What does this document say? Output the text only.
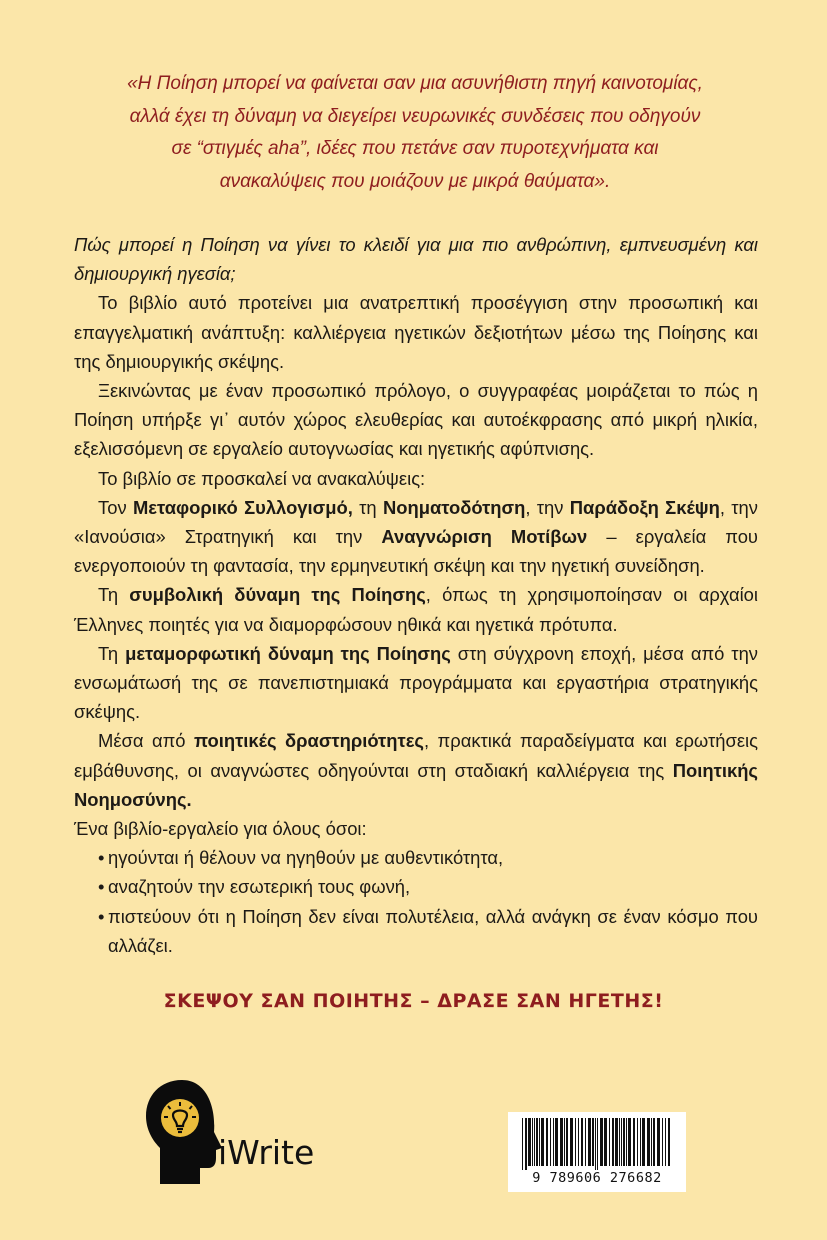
«Η Ποίηση μπορεί να φαίνεται σαν μια ασυνήθιστη πηγή καινοτομίας,
αλλά έχει τη δύναμη να διεγείρει νευρωνικές συνδέσεις που οδηγούν
σε “στιγμές aha”, ιδέες που πετάνε σαν πυροτεχνήματα και
ανακαλύψεις που μοιάζουν με μικρά θαύματα».

Πώς μπορεί η Ποίηση να γίνει το κλειδί για μια πιο ανθρώπινη, εμπνευσμένη και δημιουργική ηγεσία;

Το βιβλίο αυτό προτείνει μια ανατρεπτική προσέγγιση στην προσωπική και επαγγελματική ανάπτυξη: καλλιέργεια ηγετικών δεξιοτήτων μέσω της Ποίησης και της δημιουργικής σκέψης.

Ξεκινώντας με έναν προσωπικό πρόλογο, ο συγγραφέας μοιράζεται το πώς η Ποίηση υπήρξε γι᾽ αυτόν χώρος ελευθερίας και αυτοέκφρασης από μικρή ηλικία, εξελισσόμενη σε εργαλείο αυτογνωσίας και ηγετικής αφύπνισης.

Το βιβλίο σε προσκαλεί να ανακαλύψεις:

Τον Μεταφορικό Συλλογισμό, τη Νοηματοδότηση, την Παράδοξη Σκέψη, την «Ιανούσια» Στρατηγική και την Αναγνώριση Μοτίβων – εργαλεία που ενεργοποιούν τη φαντασία, την ερμηνευτική σκέψη και την ηγετική συνείδηση.

Τη συμβολική δύναμη της Ποίησης, όπως τη χρησιμοποίησαν οι αρχαίοι Έλληνες ποιητές για να διαμορφώσουν ηθικά και ηγετικά πρότυπα.

Τη μεταμορφωτική δύναμη της Ποίησης στη σύγχρονη εποχή, μέσα από την ενσωμάτωσή της σε πανεπιστημιακά προγράμματα και εργαστήρια στρατηγικής σκέψης.

Μέσα από ποιητικές δραστηριότητες, πρακτικά παραδείγματα και ερωτήσεις εμβάθυνσης, οι αναγνώστες οδηγούνται στη σταδιακή καλλιέργεια της Ποιητικής Νοημοσύνης.

Ένα βιβλίο-εργαλείο για όλους όσοι:

• ηγούνται ή θέλουν να ηγηθούν με αυθεντικότητα,
• αναζητούν την εσωτερική τους φωνή,
• πιστεύουν ότι η Ποίηση δεν είναι πολυτέλεια, αλλά ανάγκη σε έναν κόσμο που αλλάζει.
ΣΚΕΨΟΥ ΣΑΝ ΠΟΙΗΤΗΣ – ΔΡΑΣΕ ΣΑΝ ΗΓΕΤΗΣ!
iWrite
9 789606 276682
